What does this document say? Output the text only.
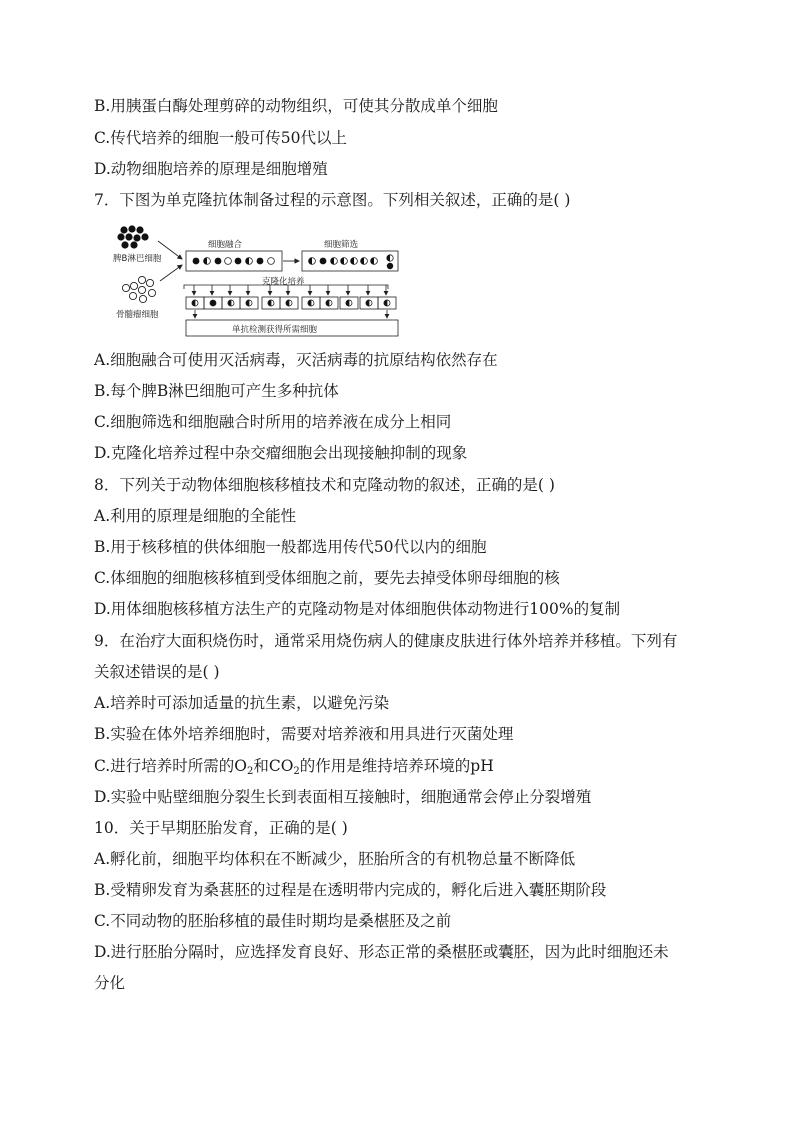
B.用胰蛋白酶处理剪碎的动物组织，可使其分散成单个细胞
C.传代培养的细胞一般可传50代以上
D.动物细胞培养的原理是细胞增殖
7．下图为单克隆抗体制备过程的示意图。下列相关叙述，正确的是( )
脾B淋巴细胞
骨髓瘤细胞
细胞融合	细胞筛选
克隆化培养
单抗检测获得所需细胞
A.细胞融合可使用灭活病毒，灭活病毒的抗原结构依然存在
B.每个脾B淋巴细胞可产生多种抗体
C.细胞筛选和细胞融合时所用的培养液在成分上相同
D.克隆化培养过程中杂交瘤细胞会出现接触抑制的现象
8．下列关于动物体细胞核移植技术和克隆动物的叙述，正确的是( )
A.利用的原理是细胞的全能性
B.用于核移植的供体细胞一般都选用传代50代以内的细胞
C.体细胞的细胞核移植到受体细胞之前，要先去掉受体卵母细胞的核
D.用体细胞核移植方法生产的克隆动物是对体细胞供体动物进行100%的复制
9．在治疗大面积烧伤时，通常采用烧伤病人的健康皮肤进行体外培养并移植。下列有
关叙述错误的是( )
A.培养时可添加适量的抗生素，以避免污染
B.实验在体外培养细胞时，需要对培养液和用具进行灭菌处理
C.进行培养时所需的$O_2$和$CO_2$的作用是维持培养环境的pH
D.实验中贴壁细胞分裂生长到表面相互接触时，细胞通常会停止分裂增殖
10．关于早期胚胎发育，正确的是( )
A.孵化前，细胞平均体积在不断减少，胚胎所含的有机物总量不断降低
B.受精卵发育为桑葚胚的过程是在透明带内完成的，孵化后进入囊胚期阶段
C.不同动物的胚胎移植的最佳时期均是桑椹胚及之前
D.进行胚胎分隔时，应选择发育良好、形态正常的桑椹胚或囊胚，因为此时细胞还未
分化
